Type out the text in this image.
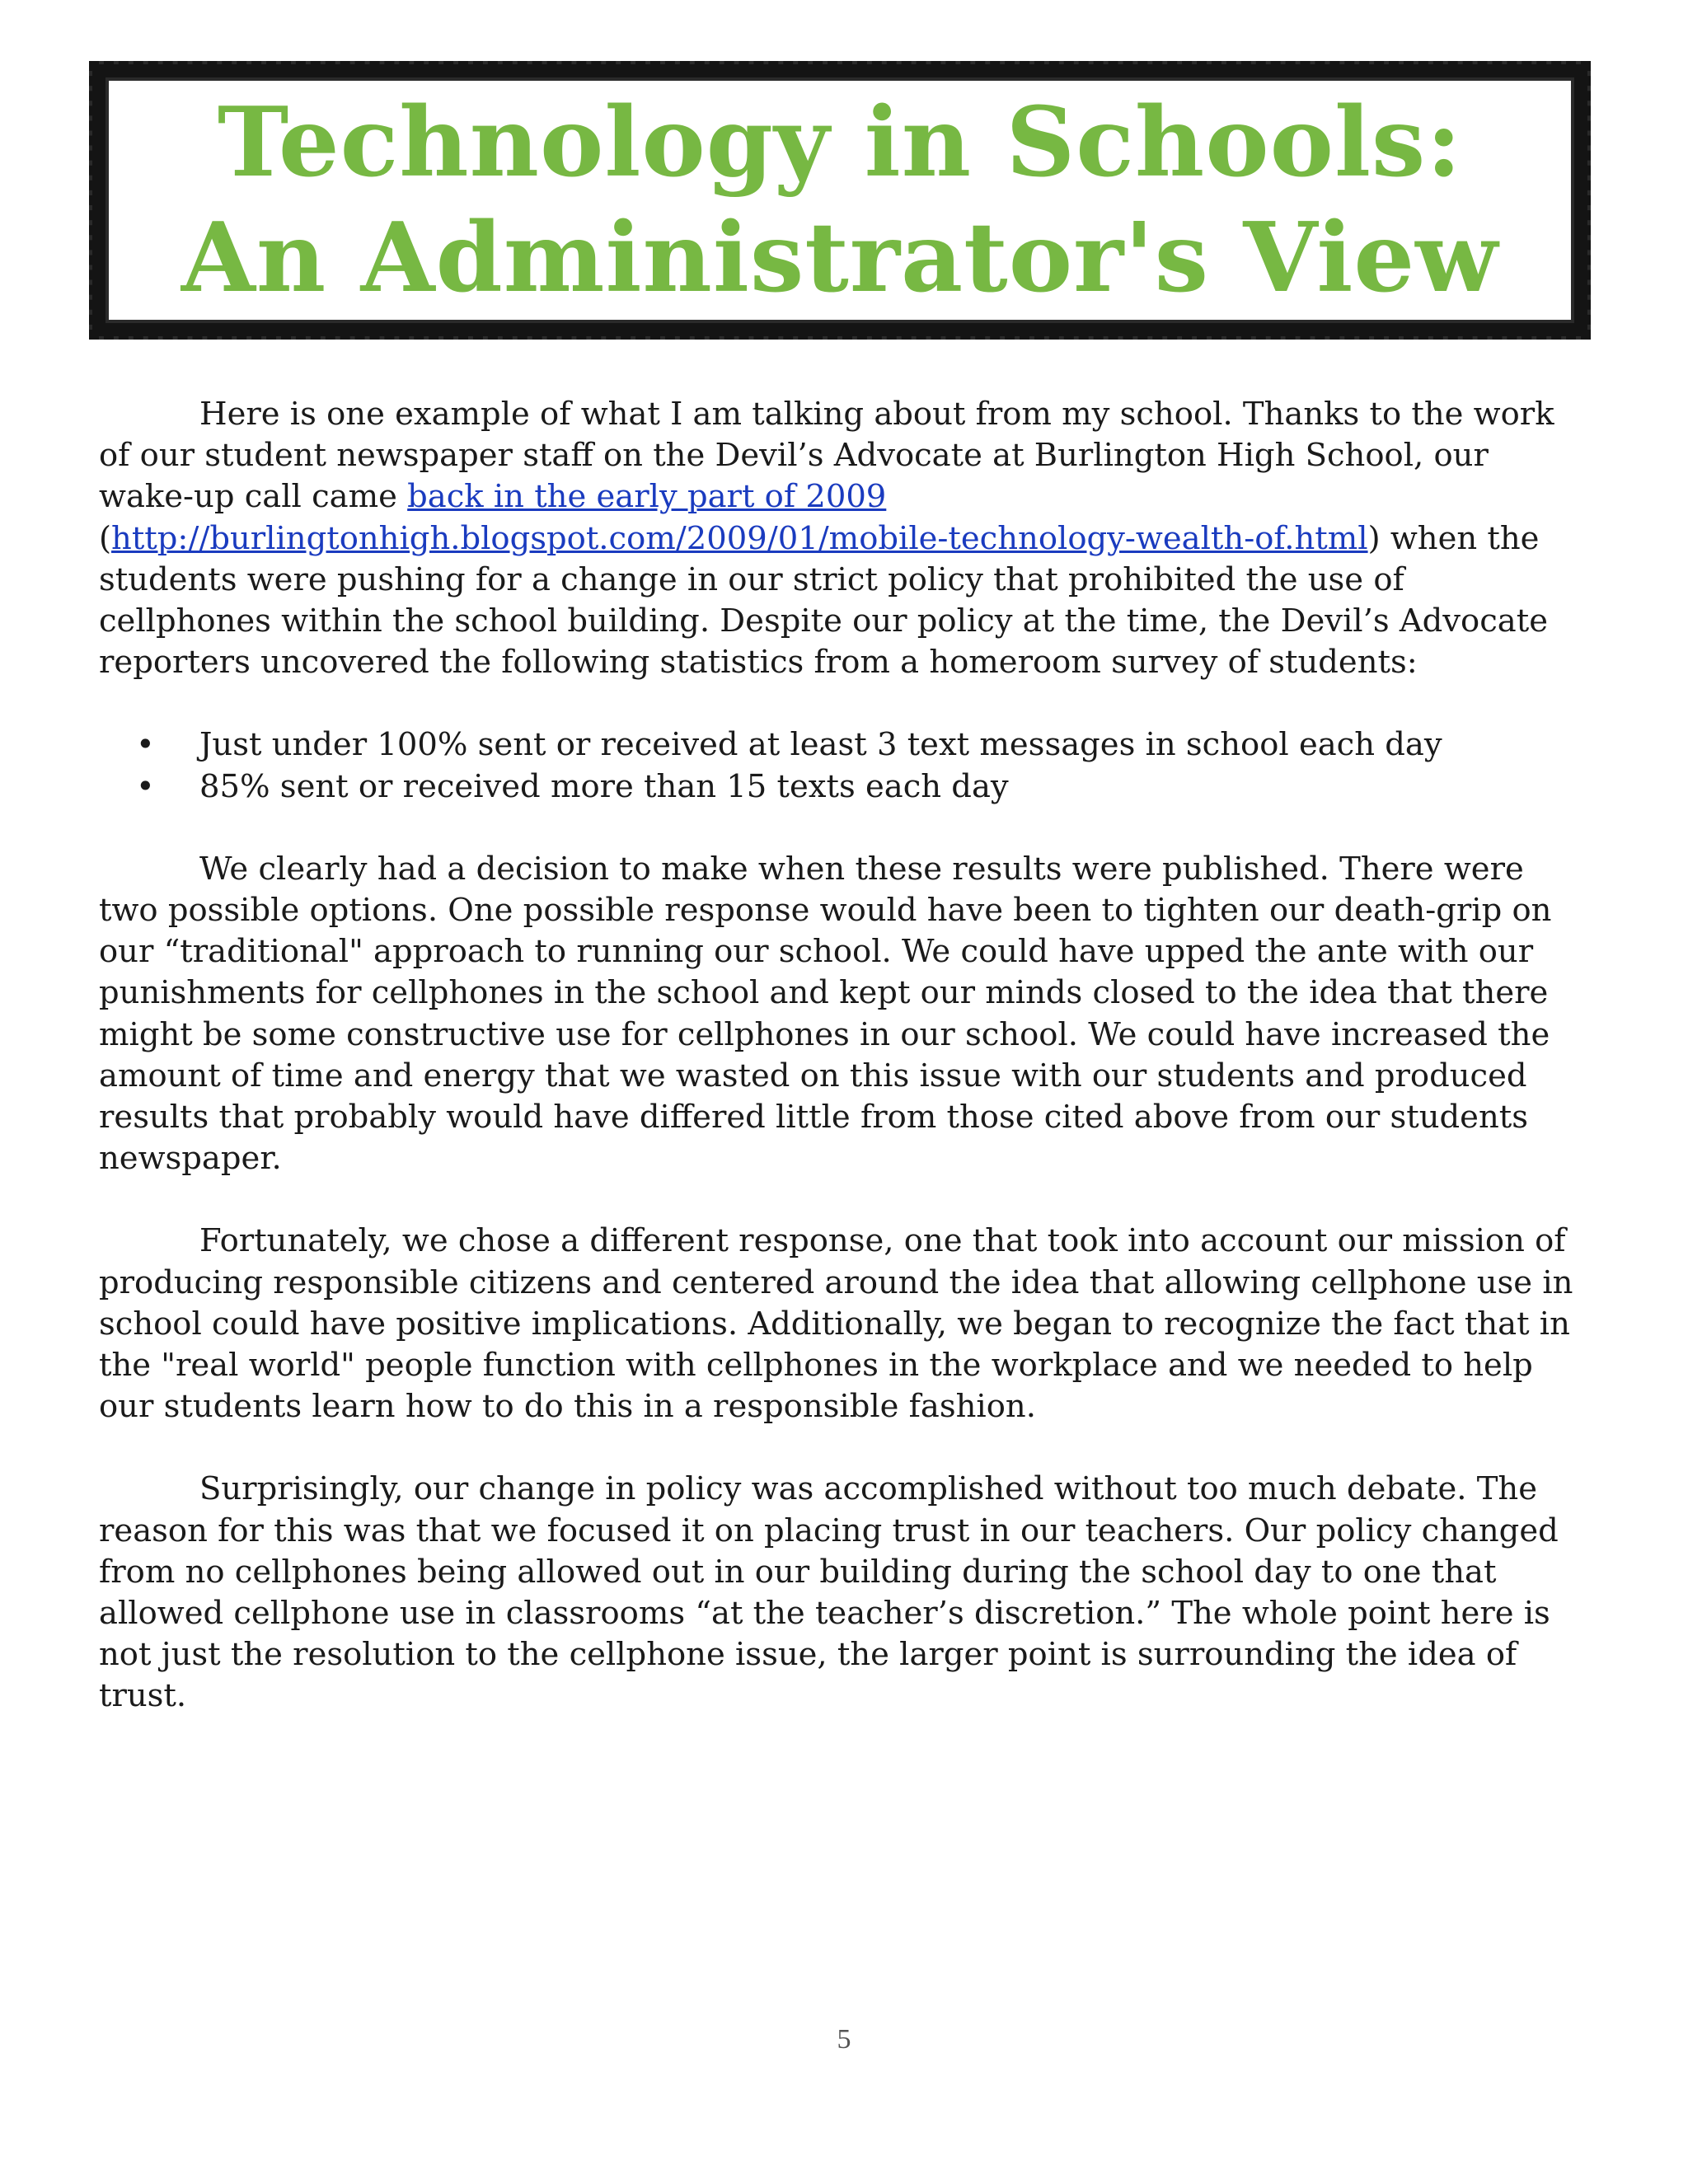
Technology in Schools:
An Administrator's View

Here is one example of what I am talking about from my school. Thanks to the work of our student newspaper staff on the Devil’s Advocate at Burlington High School, our wake-up call came back in the early part of 2009 (http://burlingtonhigh.blogspot.com/2009/01/mobile-technology-wealth-of.html) when the students were pushing for a change in our strict policy that prohibited the use of cellphones within the school building. Despite our policy at the time, the Devil’s Advocate reporters uncovered the following statistics from a homeroom survey of students:

• Just under 100% sent or received at least 3 text messages in school each day
• 85% sent or received more than 15 texts each day

We clearly had a decision to make when these results were published. There were two possible options. One possible response would have been to tighten our death-grip on our “traditional" approach to running our school. We could have upped the ante with our punishments for cellphones in the school and kept our minds closed to the idea that there might be some constructive use for cellphones in our school. We could have increased the amount of time and energy that we wasted on this issue with our students and produced results that probably would have differed little from those cited above from our students newspaper.

Fortunately, we chose a different response, one that took into account our mission of producing responsible citizens and centered around the idea that allowing cellphone use in school could have positive implications. Additionally, we began to recognize the fact that in the "real world" people function with cellphones in the workplace and we needed to help our students learn how to do this in a responsible fashion.

Surprisingly, our change in policy was accomplished without too much debate. The reason for this was that we focused it on placing trust in our teachers. Our policy changed from no cellphones being allowed out in our building during the school day to one that allowed cellphone use in classrooms “at the teacher’s discretion.” The whole point here is not just the resolution to the cellphone issue, the larger point is surrounding the idea of trust.

5
